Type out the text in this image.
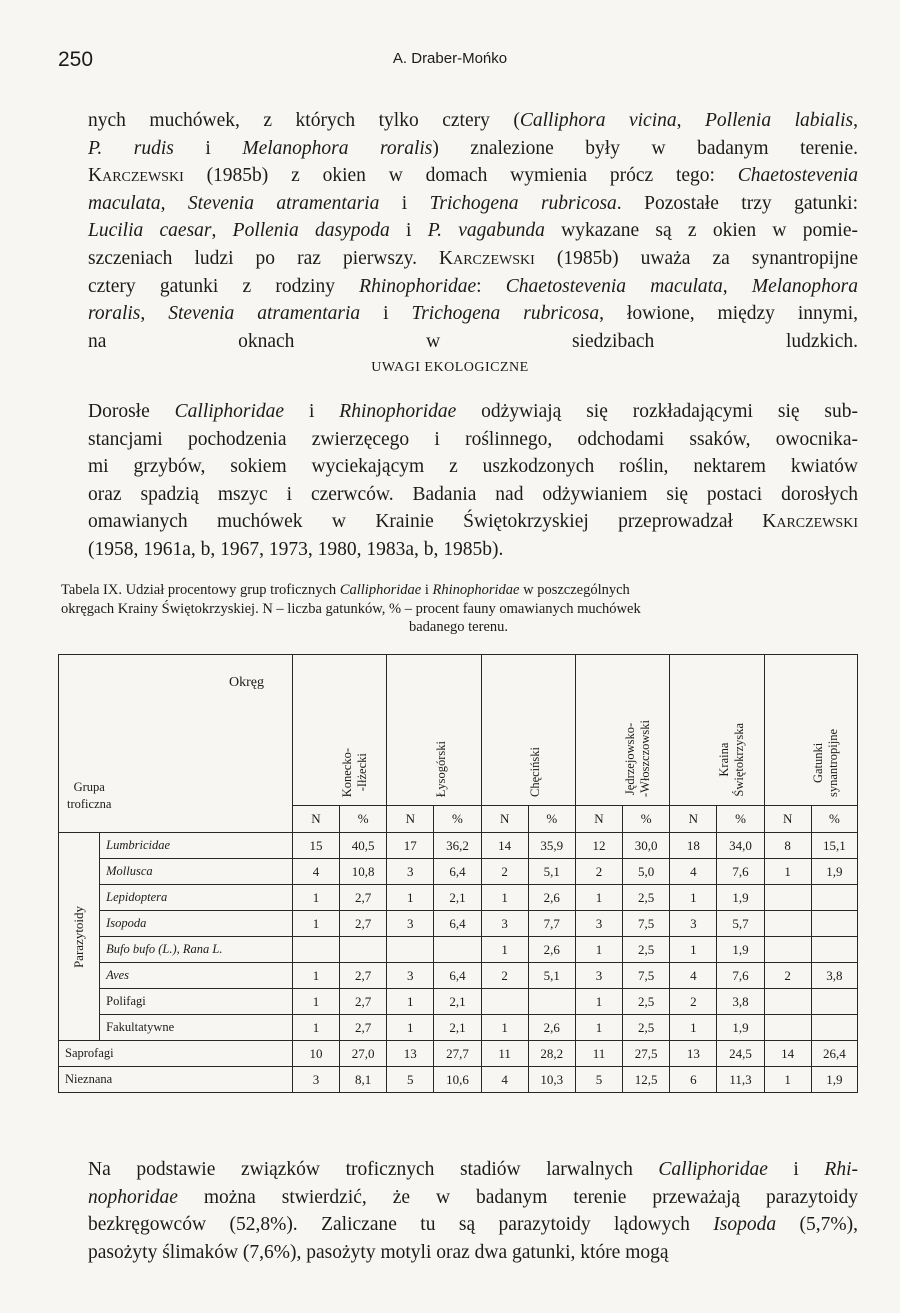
250	A. Draber-Mońko
nych muchówek, z których tylko cztery (Calliphora vicina, Pollenia labialis,
P. rudis i Melanophora roralis) znalezione były w badanym terenie.
Karczewski (1985b) z okien w domach wymienia prócz tego: Chaetostevenia
maculata, Stevenia atramentaria i Trichogena rubricosa. Pozostałe trzy gatunki:
Lucilia caesar, Pollenia dasypoda i P. vagabunda wykazane są z okien w pomie-
szczeniach ludzi po raz pierwszy. Karczewski (1985b) uważa za synantropijne
cztery gatunki z rodziny Rhinophoridae: Chaetostevenia maculata, Melanophora
roralis, Stevenia atramentaria i Trichogena rubricosa, łowione, między innymi,
na oknach w siedzibach ludzkich.
UWAGI EKOLOGICZNE
Dorosłe Calliphoridae i Rhinophoridae odżywiają się rozkładającymi się sub-
stancjami pochodzenia zwierzęcego i roślinnego, odchodami ssaków, owocnika-
mi grzybów, sokiem wyciekającym z uszkodzonych roślin, nektarem kwiatów
oraz spadzią mszyc i czerwców. Badania nad odżywianiem się postaci dorosłych
omawianych muchówek w Krainie Świętokrzyskiej przeprowadzał Karczewski
(1958, 1961a, b, 1967, 1973, 1980, 1983a, b, 1985b).
Tabela IX. Udział procentowy grup troficznych Calliphoridae i Rhinophoridae w poszczególnych
okręgach Krainy Świętokrzyskiej. N – liczba gatunków, % – procent fauny omawianych muchówek
badanego terenu.
Okręg
Grupa
troficzna		Konecko-
-Iłżecki		Łysogórski		Chęciński		Jędrzejowsko-
-Włoszczowski		Kraina
Świętokrzyska		Gatunki
synantropijne	

		N	%	N	%	N	%	N	%	N	%	N	%

Parazytoidy	Lumbricidae	15	40,5	17	36,2	14	35,9	12	30,0	18	34,0	8	15,1
	Mollusca	4	10,8	3	6,4	2	5,1	2	5,0	4	7,6	1	1,9
	Lepidoptera	1	2,7	1	2,1	1	2,6	1	2,5	1	1,9		
	Isopoda	1	2,7	3	6,4	3	7,7	3	7,5	3	5,7		
	Bufo bufo (L.), Rana L.					1	2,6	1	2,5	1	1,9		
	Aves	1	2,7	3	6,4	2	5,1	3	7,5	4	7,6	2	3,8
	Polifagi	1	2,7	1	2,1			1	2,5	2	3,8		
	Fakultatywne	1	2,7	1	2,1	1	2,6	1	2,5	1	1,9		
Saprofagi		10	27,0	13	27,7	11	28,2	11	27,5	13	24,5	14	26,4
Nieznana		3	8,1	5	10,6	4	10,3	5	12,5	6	11,3	1	1,9
Na podstawie związków troficznych stadiów larwalnych Calliphoridae i Rhi-
nophoridae można stwierdzić, że w badanym terenie przeważają parazytoidy
bezkręgowców (52,8%). Zaliczane tu są parazytoidy lądowych Isopoda (5,7%),
pasożyty ślimaków (7,6%), pasożyty motyli oraz dwa gatunki, które mogą
